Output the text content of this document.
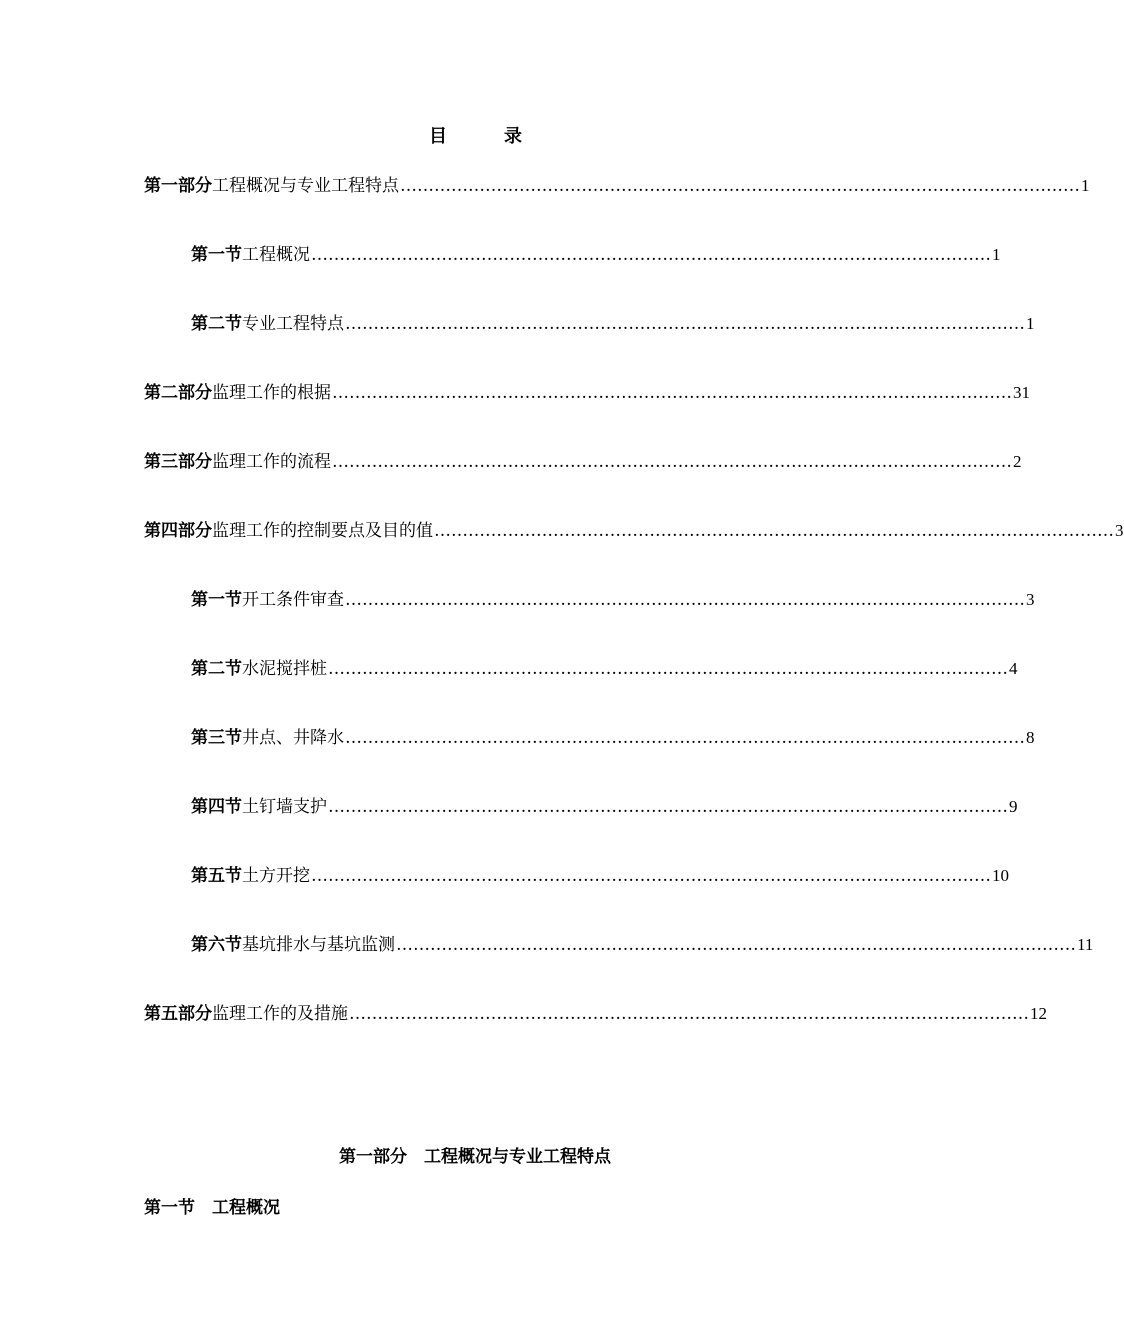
目	录
第一部分 工程概况与专业工程特点 ………………………………………………………………………………………………………… 1
第一节 工程概况 ………………………………………………………………………………………………………… 1
第二节 专业工程特点 ………………………………………………………………………………………………………… 1
第二部分 监理工作的根据 ………………………………………………………………………………………………………… 31
第三部分 监理工作的流程 ………………………………………………………………………………………………………… 2
第四部分 监理工作的控制要点及目的值 ………………………………………………………………………………………………………… 3
第一节 开工条件审查 ………………………………………………………………………………………………………… 3
第二节 水泥搅拌桩 ………………………………………………………………………………………………………… 4
第三节 井点、井降水 ………………………………………………………………………………………………………… 8
第四节 土钉墙支护 ………………………………………………………………………………………………………… 9
第五节 土方开挖 ………………………………………………………………………………………………………… 10
第六节 基坑排水与基坑监测 ………………………………………………………………………………………………………… 11
第五部分 监理工作的及措施 ………………………………………………………………………………………………………… 12
第一部分　工程概况与专业工程特点
第一节　工程概况
